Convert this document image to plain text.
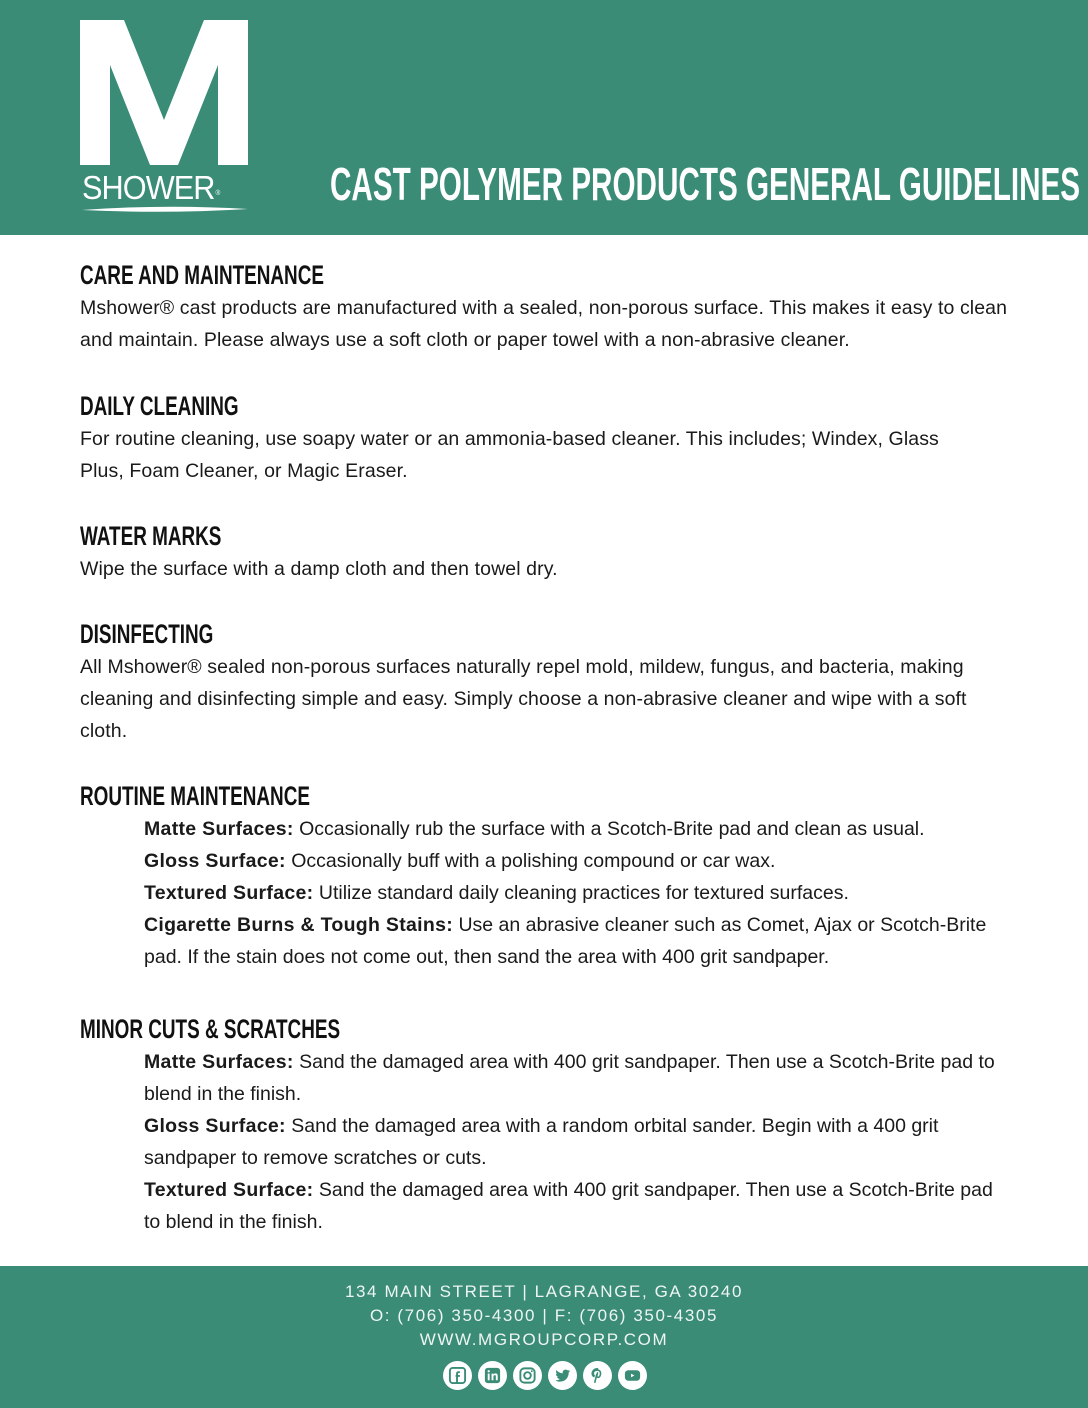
SHOWER®	CAST POLYMER PRODUCTS GENERAL GUIDELINES
CARE AND MAINTENANCE

Mshower® cast products are manufactured with a sealed, non-porous surface. This makes it easy to clean and maintain. Please always use a soft cloth or paper towel with a non-abrasive cleaner.

DAILY CLEANING

For routine cleaning, use soapy water or an ammonia-based cleaner. This includes; Windex, Glass Plus, Foam Cleaner, or Magic Eraser.

WATER MARKS

Wipe the surface with a damp cloth and then towel dry.

DISINFECTING

All Mshower® sealed non-porous surfaces naturally repel mold, mildew, fungus, and bacteria, making cleaning and disinfecting simple and easy. Simply choose a non-abrasive cleaner and wipe with a soft cloth.

ROUTINE MAINTENANCE
Matte Surfaces: Occasionally rub the surface with a Scotch-Brite pad and clean as usual.
Gloss Surface: Occasionally buff with a polishing compound or car wax.
Textured Surface: Utilize standard daily cleaning practices for textured surfaces.
Cigarette Burns & Tough Stains: Use an abrasive cleaner such as Comet, Ajax or Scotch-Brite pad. If the stain does not come out, then sand the area with 400 grit sandpaper.
MINOR CUTS & SCRATCHES
Matte Surfaces: Sand the damaged area with 400 grit sandpaper. Then use a Scotch-Brite pad to blend in the finish.
Gloss Surface: Sand the damaged area with a random orbital sander. Begin with a 400 grit sandpaper to remove scratches or cuts.
Textured Surface: Sand the damaged area with 400 grit sandpaper. Then use a Scotch-Brite pad to blend in the finish.
134 MAIN STREET | LAGRANGE, GA 30240
O: (706) 350-4300 | F: (706) 350-4305
WWW.MGROUPCORP.COM
